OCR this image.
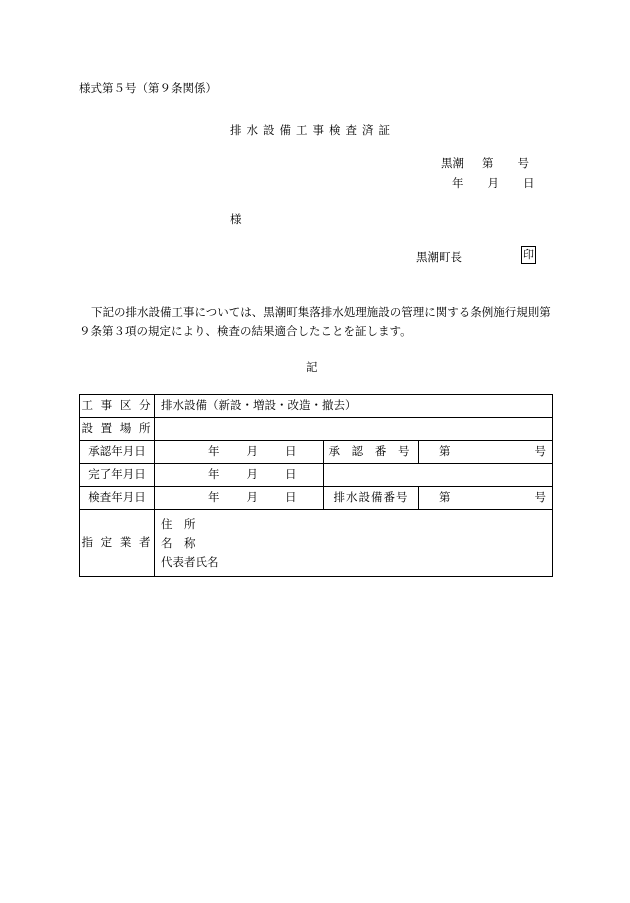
様式第５号（第９条関係）
排水設備工事検査済証
黒潮 第 号
年 月 日
様
黒潮町長	印
下記の排水設備工事については、黒潮町集落排水処理施設の管理に関する条例施行規則第９条第３項の規定により、検査の結果適合したことを証します。
記
工 事 区 分	排水設備（新設・増設・改造・撤去）		
設 置 場 所			
承認年月日	年 月 日	承 認 番 号	第 号
完了年月日	年 月 日		
検査年月日	年 月 日	排水設備番号	第 号
指 定 業 者	住　所
名　称
代表者氏名		
